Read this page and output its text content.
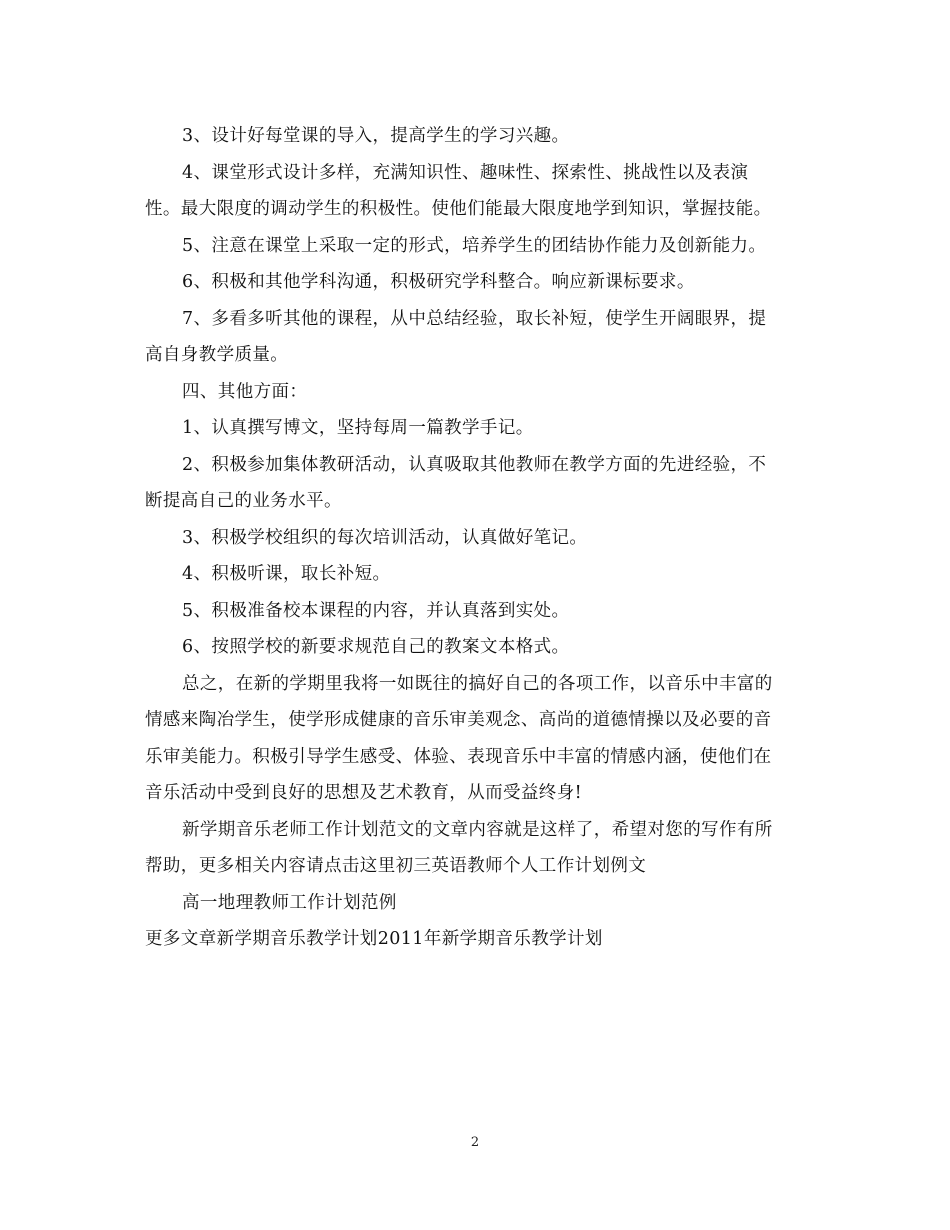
3、设计好每堂课的导入，提高学生的学习兴趣。
4、课堂形式设计多样，充满知识性、趣味性、探索性、挑战性以及表演
性。最大限度的调动学生的积极性。使他们能最大限度地学到知识，掌握技能。
5、注意在课堂上采取一定的形式，培养学生的团结协作能力及创新能力。
6、积极和其他学科沟通，积极研究学科整合。响应新课标要求。
7、多看多听其他的课程，从中总结经验，取长补短，使学生开阔眼界，提
高自身教学质量。
四、其他方面：
1、认真撰写博文，坚持每周一篇教学手记。
2、积极参加集体教研活动，认真吸取其他教师在教学方面的先进经验，不
断提高自己的业务水平。
3、积极学校组织的每次培训活动，认真做好笔记。
4、积极听课，取长补短。
5、积极准备校本课程的内容，并认真落到实处。
6、按照学校的新要求规范自己的教案文本格式。
总之，在新的学期里我将一如既往的搞好自己的各项工作，以音乐中丰富的
情感来陶冶学生，使学形成健康的音乐审美观念、高尚的道德情操以及必要的音
乐审美能力。积极引导学生感受、体验、表现音乐中丰富的情感内涵，使他们在
音乐活动中受到良好的思想及艺术教育，从而受益终身!
新学期音乐老师工作计划范文的文章内容就是这样了，希望对您的写作有所
帮助，更多相关内容请点击这里初三英语教师个人工作计划例文
高一地理教师工作计划范例
更多文章新学期音乐教学计划2011年新学期音乐教学计划
2
